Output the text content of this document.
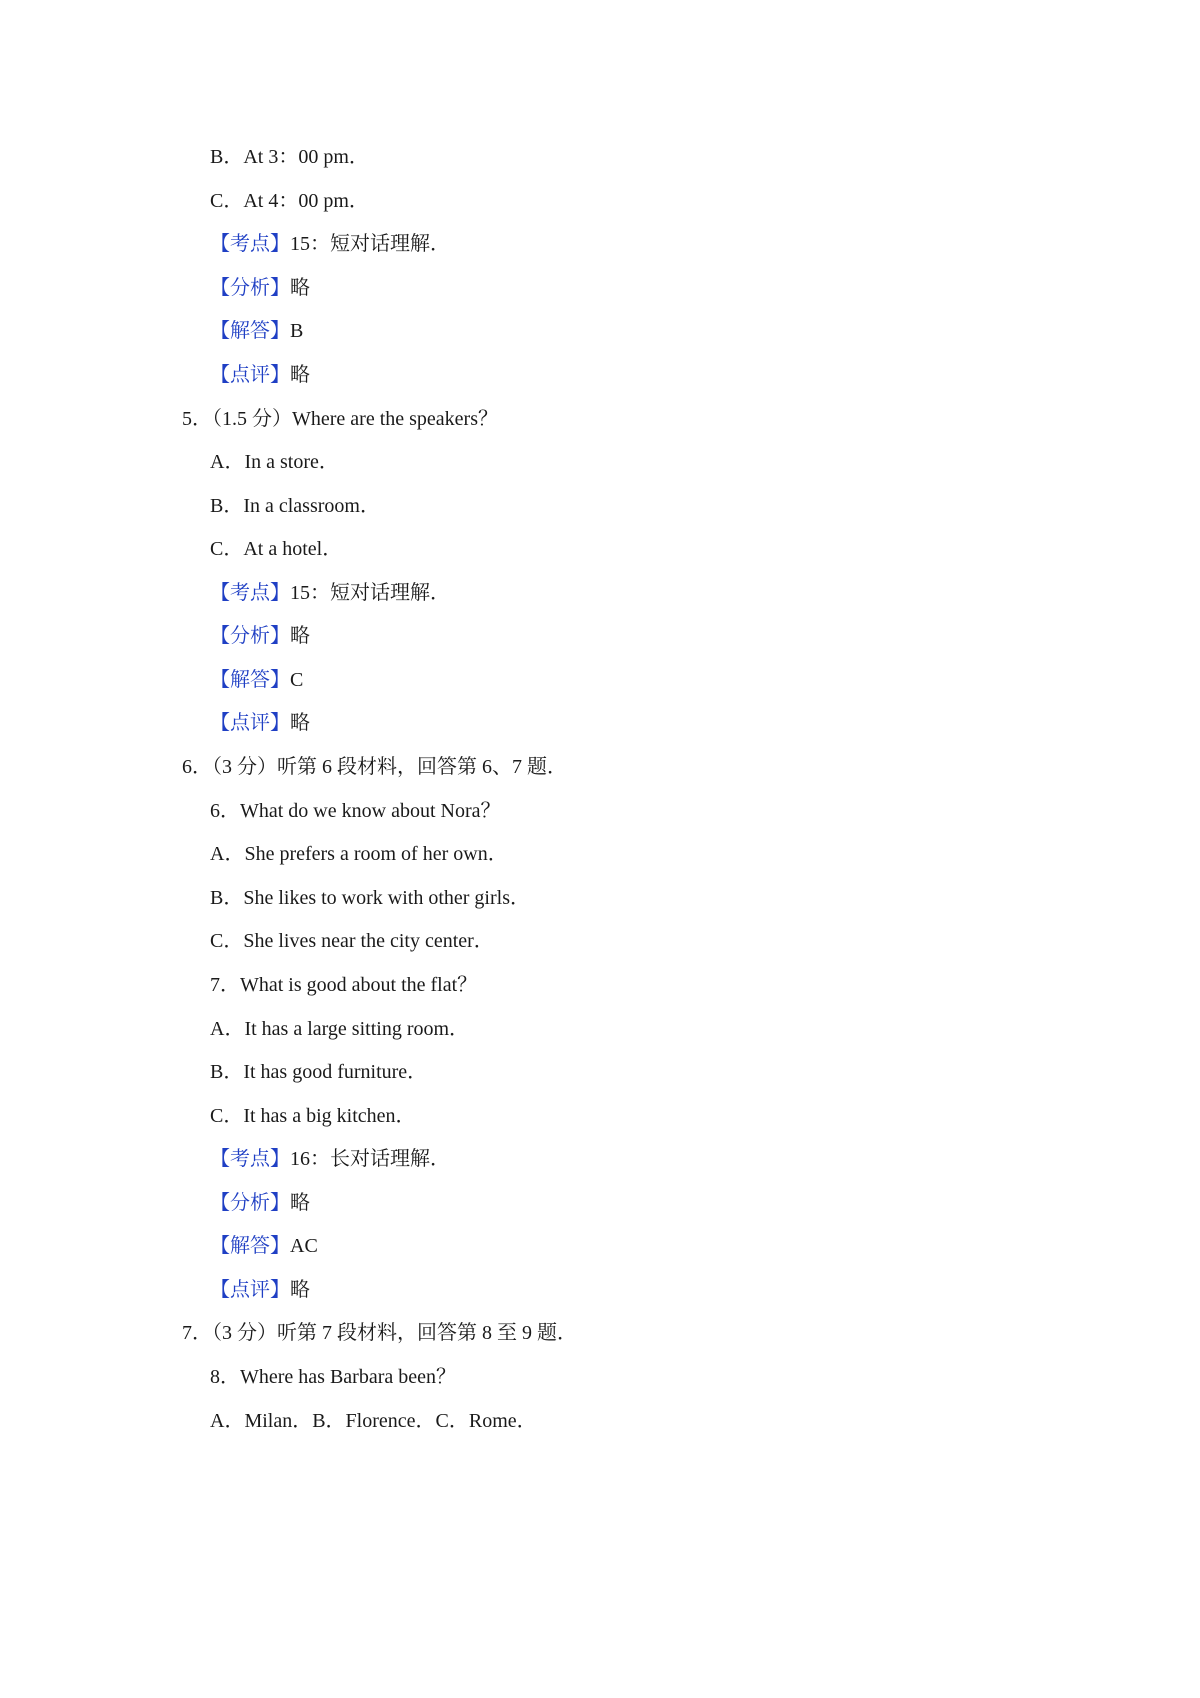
B．At 3：00 pm．
C．At 4：00 pm．
【考点】15：短对话理解．
【分析】略
【解答】B
【点评】略
5．（1.5 分）Where are the speakers？
A．In a store．
B．In a classroom．
C．At a hotel．
【考点】15：短对话理解．
【分析】略
【解答】C
【点评】略
6．（3 分）听第 6 段材料，回答第 6、7 题．
6．What do we know about Nora？
A．She prefers a room of her own．
B．She likes to work with other girls．
C．She lives near the city center．
7．What is good about the flat？
A．It has a large sitting room．
B．It has good furniture．
C．It has a big kitchen．
【考点】16：长对话理解．
【分析】略
【解答】AC
【点评】略
7．（3 分）听第 7 段材料，回答第 8 至 9 题．
8．Where has Barbara been？
A．Milan．B．Florence．C．Rome．
